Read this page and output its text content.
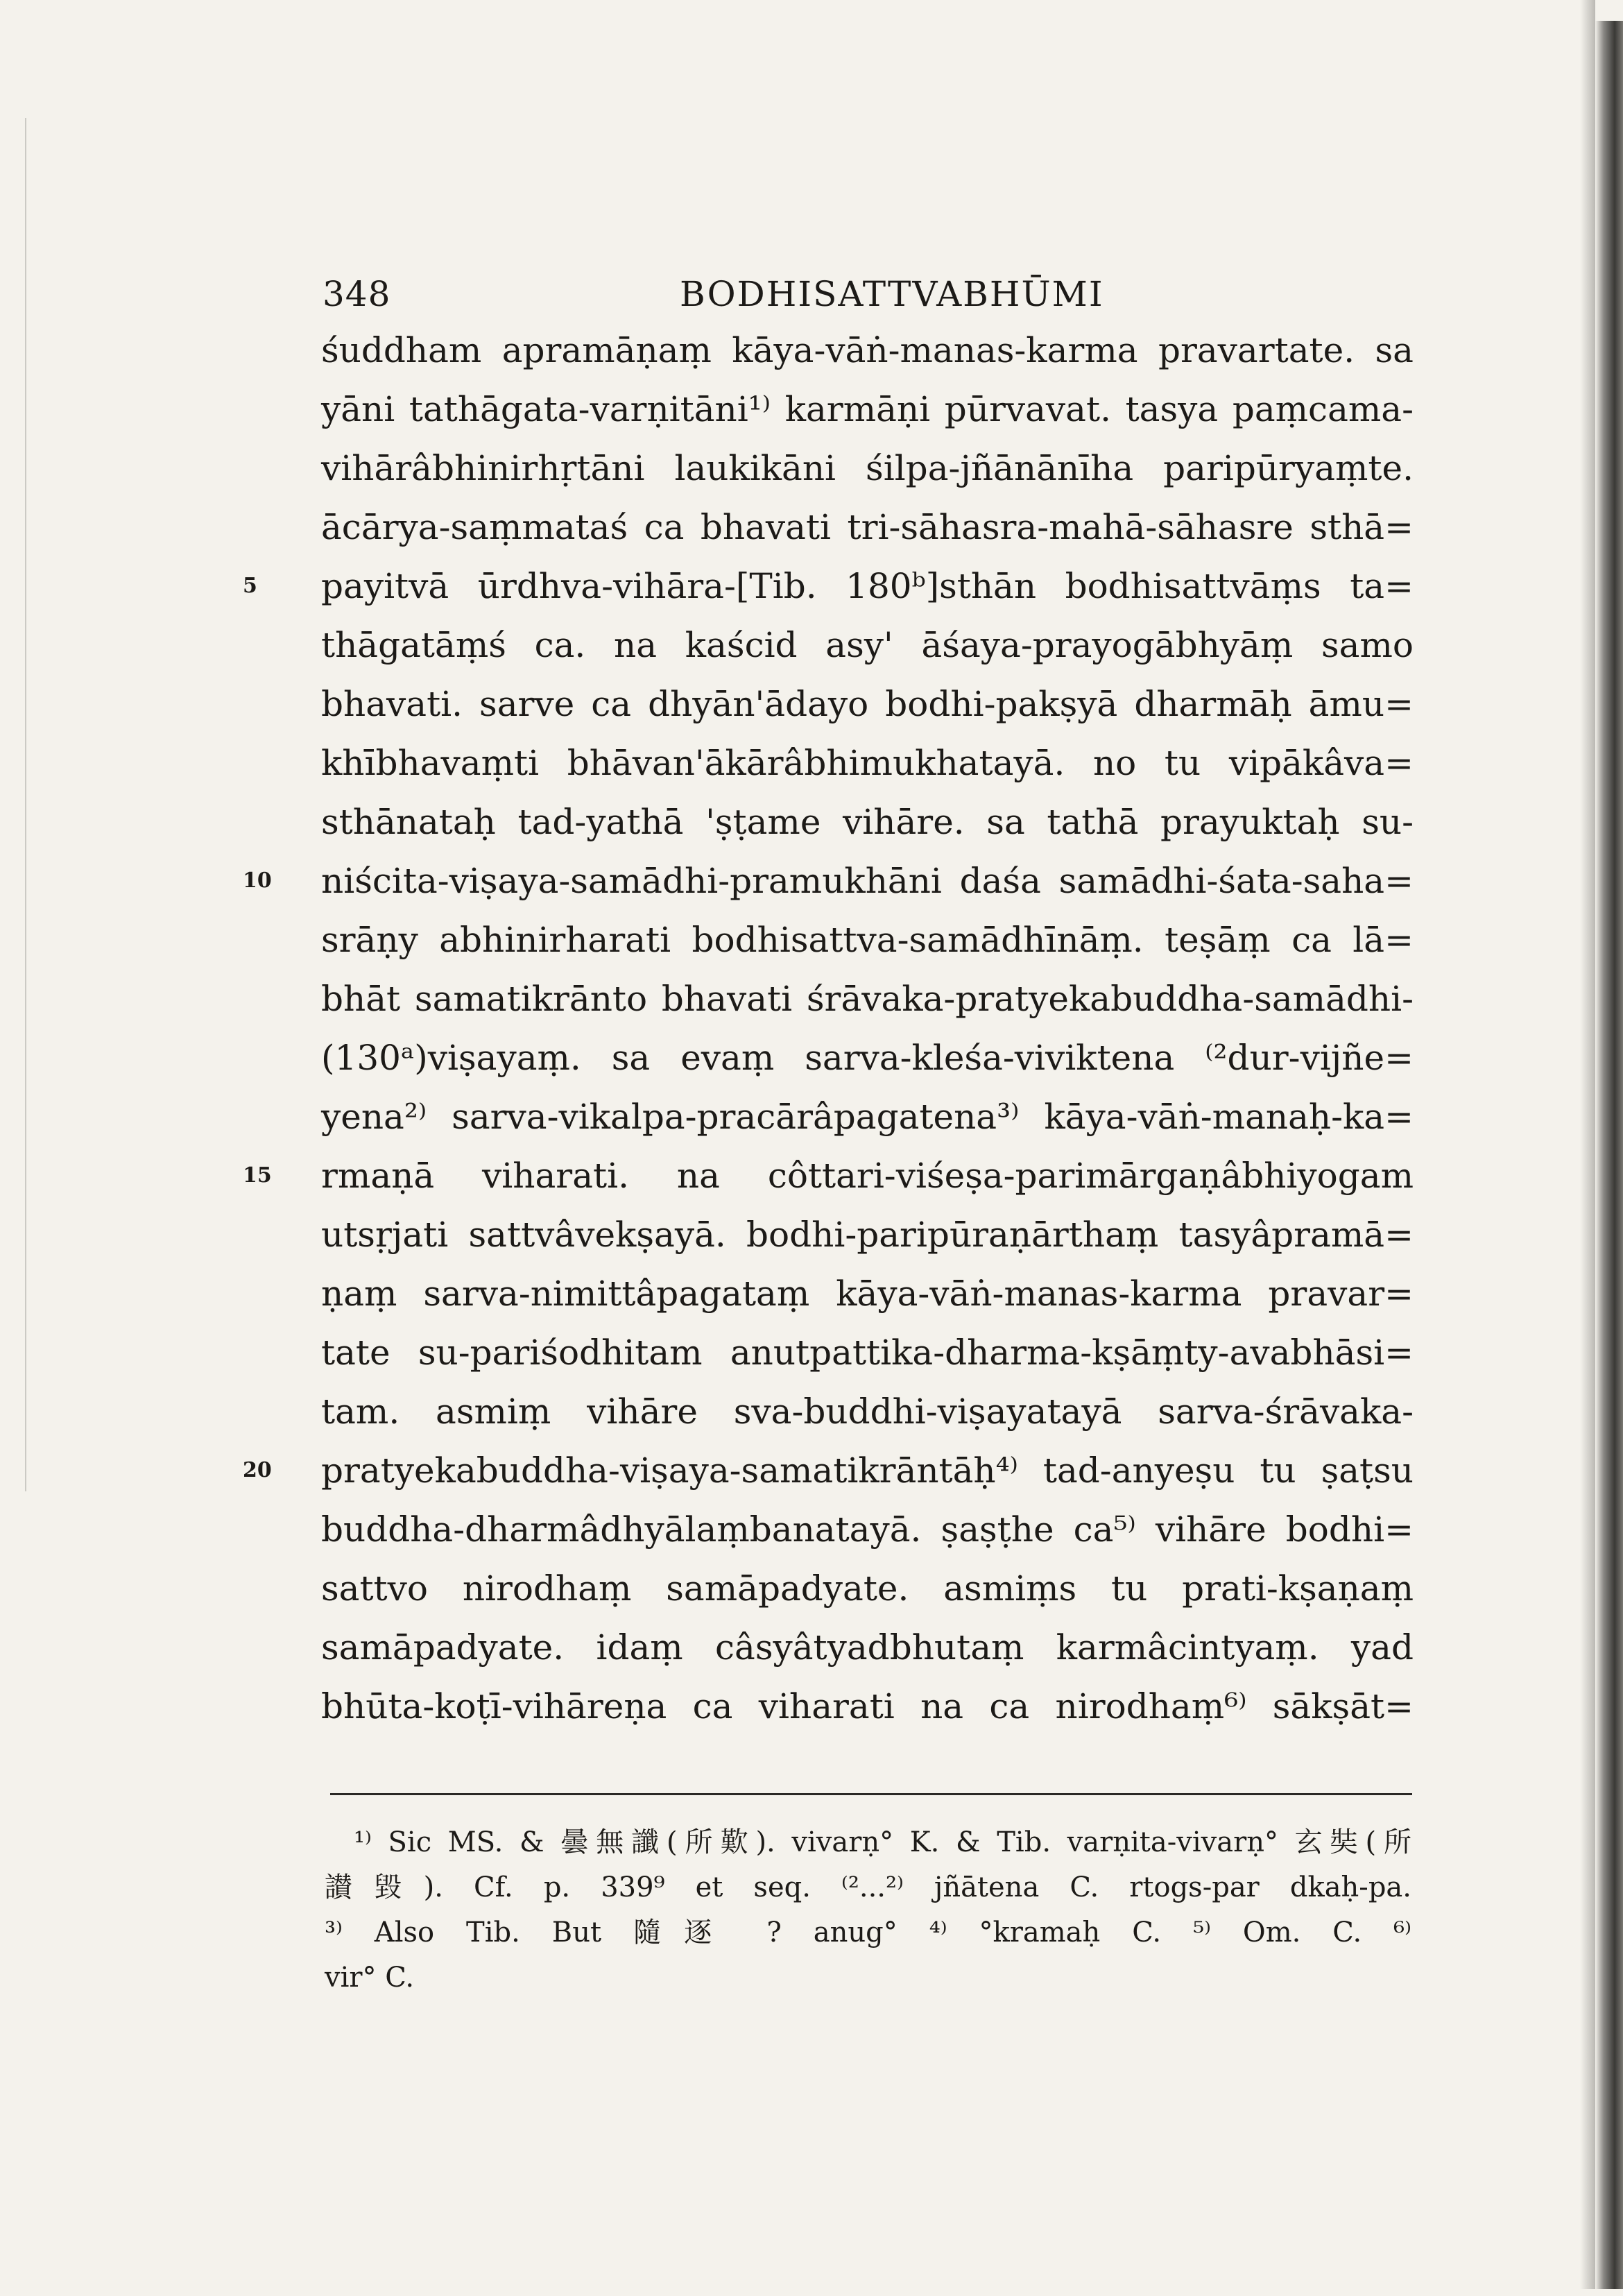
348	BODHISATTVABHŪMI
śuddham apramāṇaṃ kāya-vāṅ-manas-karma pravartate. sa
yāni tathāgata-varṇitāni¹⁾ karmāṇi pūrvavat. tasya paṃcama-
vihārâbhinirhṛtāni laukikāni śilpa-jñānānīha paripūryaṃte.
ācārya-saṃmataś ca bhavati tri-sāhasra-mahā-sāhasre sthā=
payitvā ūrdhva-vihāra-[Tib. 180ᵇ]sthān bodhisattvāṃs ta=
thāgatāṃś ca. na kaścid asy' āśaya-prayogābhyāṃ samo
bhavati. sarve ca dhyān'ādayo bodhi-pakṣyā dharmāḥ āmu=
khībhavaṃti bhāvan'ākārâbhimukhatayā. no tu vipākâva=
sthānataḥ tad-yathā 'ṣṭame vihāre. sa tathā prayuktaḥ su-
niścita-viṣaya-samādhi-pramukhāni daśa samādhi-śata-saha=
srāṇy abhinirharati bodhisattva-samādhīnāṃ. teṣāṃ ca lā=
bhāt samatikrānto bhavati śrāvaka-pratyekabuddha-samādhi-
(130ᵃ)viṣayaṃ. sa evaṃ sarva-kleśa-viviktena ⁽²dur-vijñe=
yena²⁾ sarva-vikalpa-pracārâpagatena³⁾ kāya-vāṅ-manaḥ-ka=
rmaṇā viharati. na côttari-viśeṣa-parimārgaṇâbhiyogam
utsṛjati sattvâvekṣayā. bodhi-paripūraṇārthaṃ tasyâpramā=
ṇaṃ sarva-nimittâpagataṃ kāya-vāṅ-manas-karma pravar=
tate su-pariśodhitam anutpattika-dharma-kṣāṃty-avabhāsi=
tam. asmiṃ vihāre sva-buddhi-viṣayatayā sarva-śrāvaka-
pratyekabuddha-viṣaya-samatikrāntāḥ⁴⁾ tad-anyeṣu tu ṣaṭsu
buddha-dharmâdhyālaṃbanatayā. ṣaṣṭhe ca⁵⁾ vihāre bodhi=
sattvo nirodhaṃ samāpadyate. asmiṃs tu prati-kṣaṇaṃ
samāpadyate. idaṃ câsyâtyadbhutaṃ karmâcintyaṃ. yad
bhūta-koṭī-vihāreṇa ca viharati na ca nirodhaṃ⁶⁾ sākṣāt=
5
10
15
20
¹⁾ Sic MS. & 曇無讖(所歎). vivarṇ° K. & Tib. varṇita-vivarṇ° 玄奘(所
讃毀). Cf. p. 339⁹ et seq. ⁽²...²⁾ jñātena C. rtogs-par dkaḥ-pa.
³⁾ Also Tib. But 隨逐 ? anug° ⁴⁾ °kramaḥ C. ⁵⁾ Om. C. ⁶⁾
vir° C.
